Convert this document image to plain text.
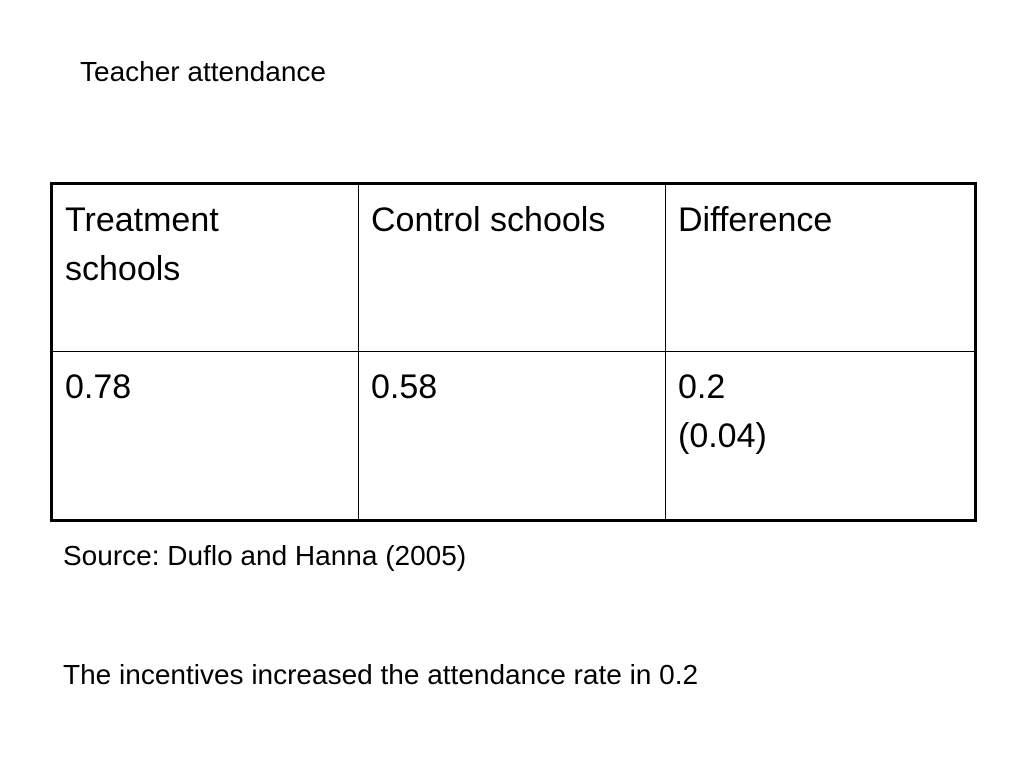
Teacher attendance
Treatment schools	Control schools	Difference

0.78	0.58	0.2
(0.04)
Source: Duflo and Hanna (2005)
The incentives increased the attendance rate in 0.2
